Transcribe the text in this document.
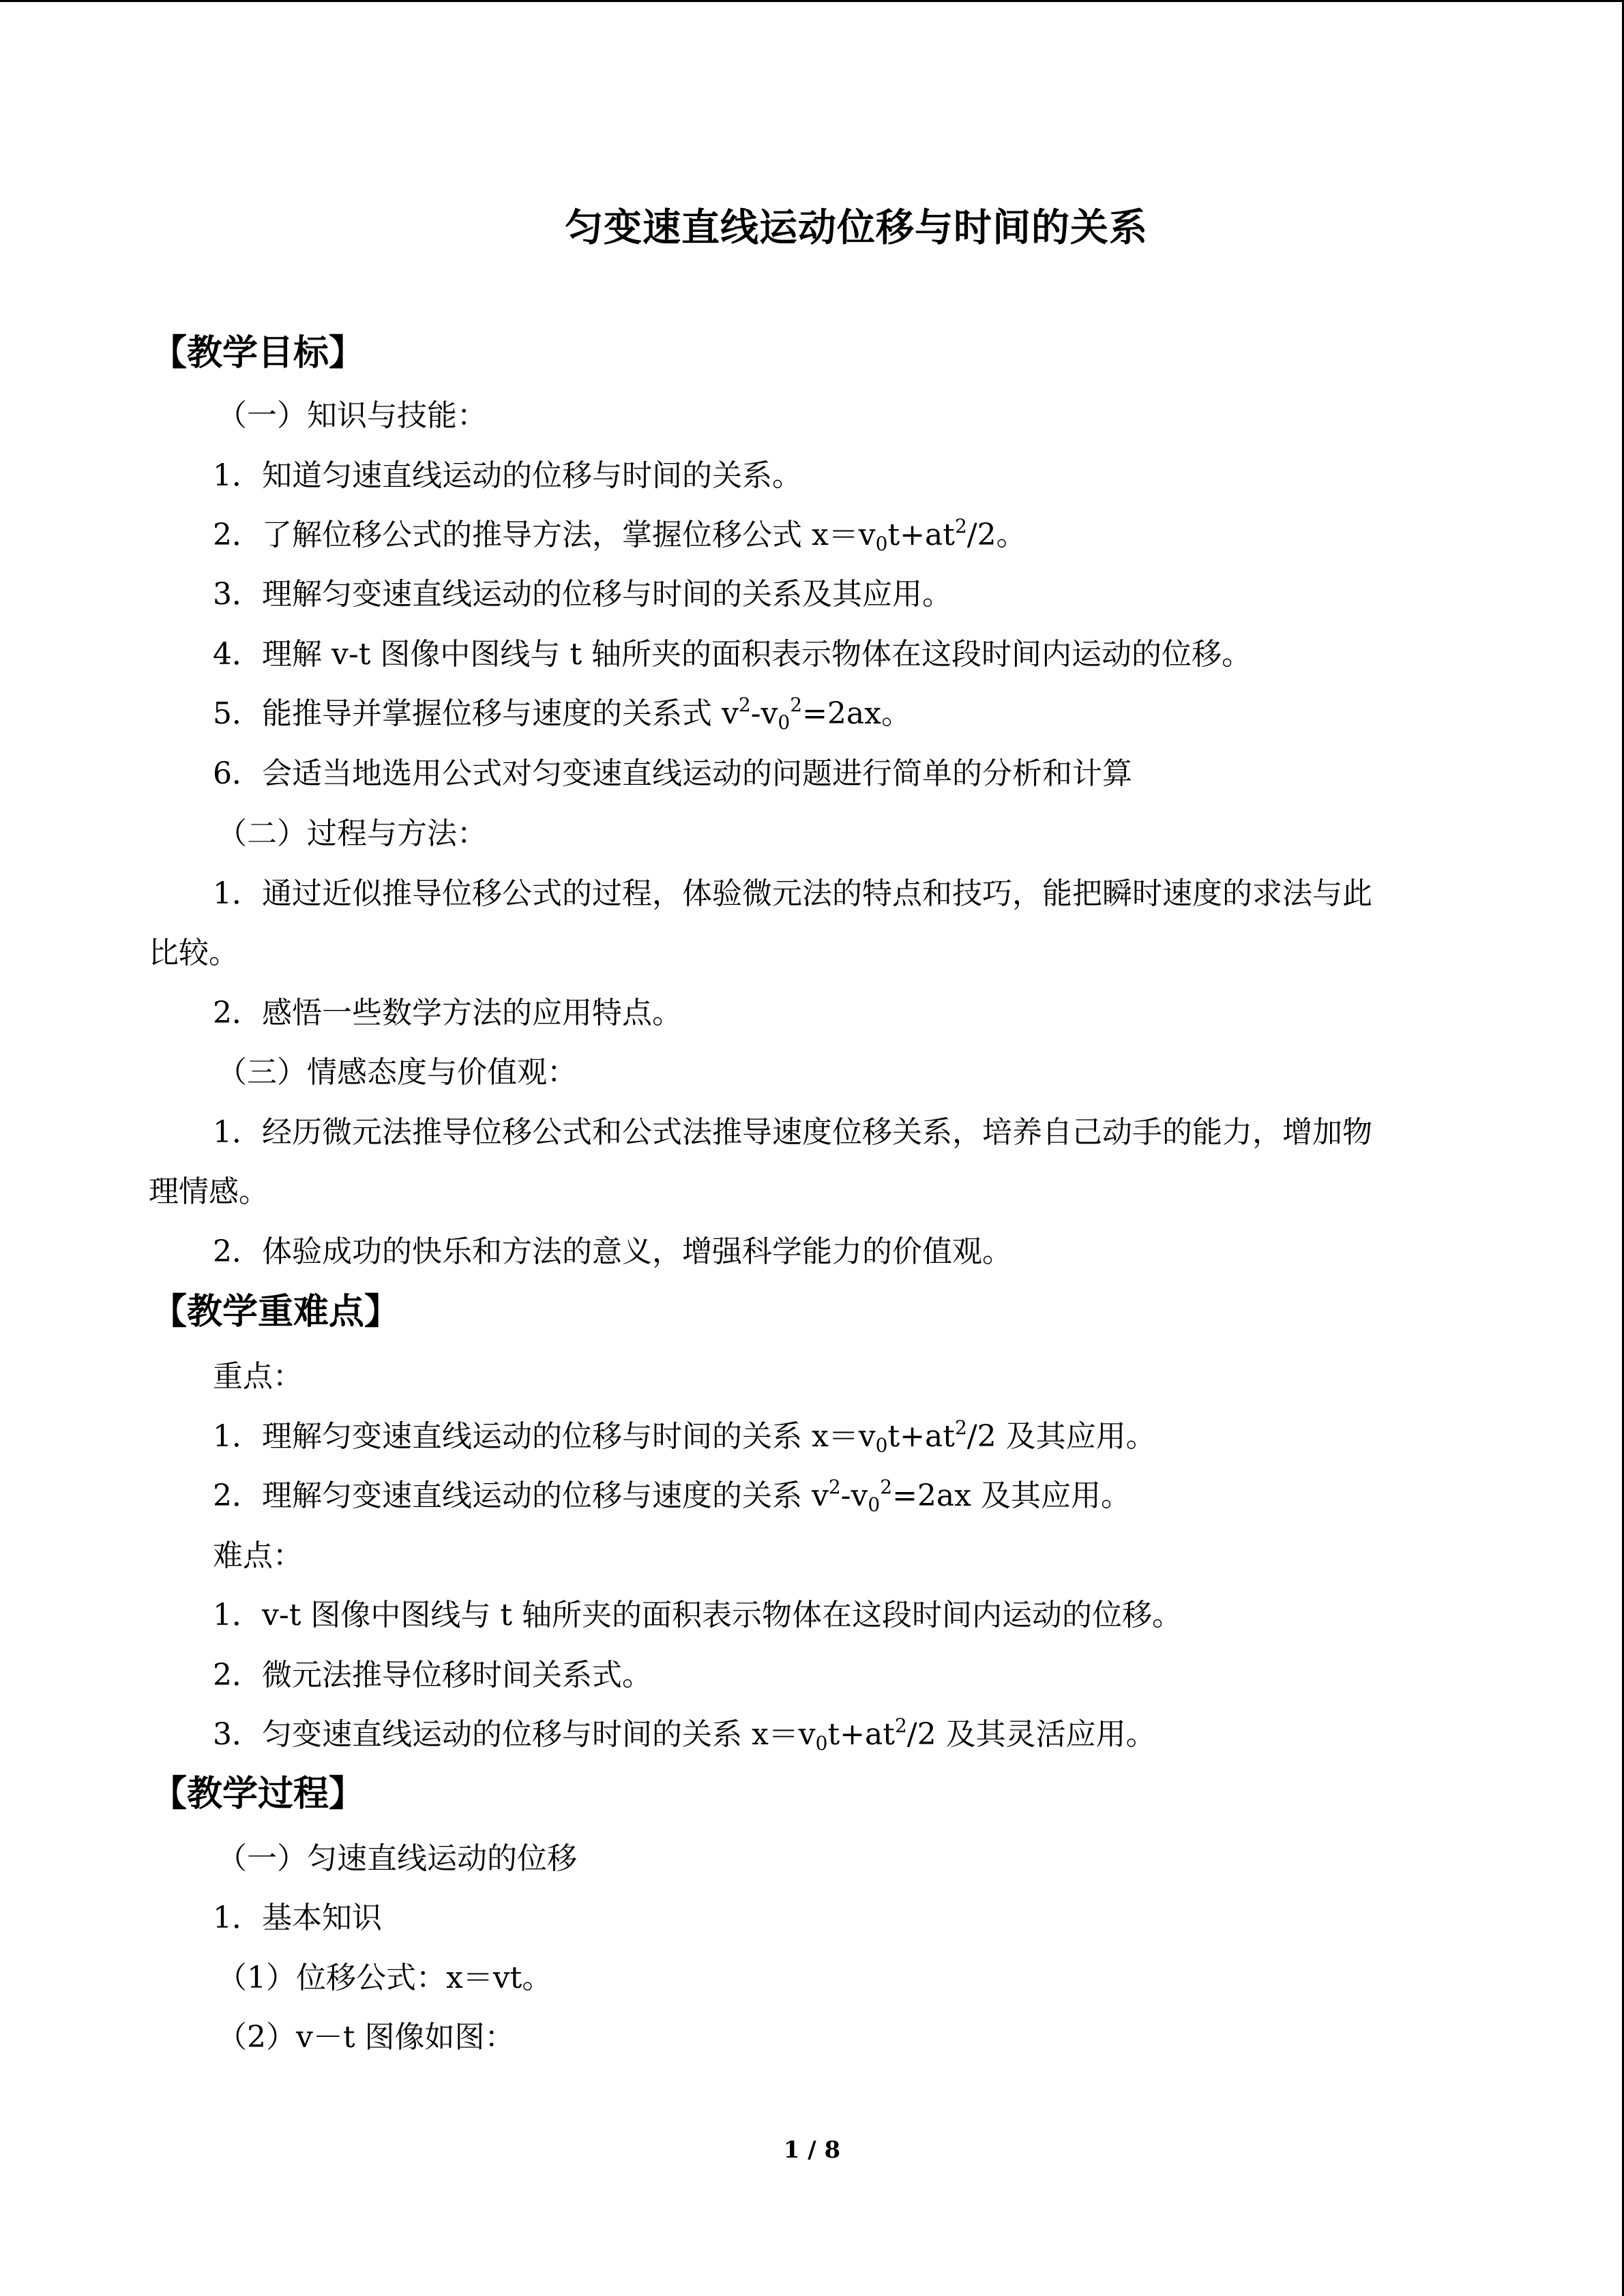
匀变速直线运动位移与时间的关系
【教学目标】
（一）知识与技能：
1．知道匀速直线运动的位移与时间的关系。
2．了解位移公式的推导方法，掌握位移公式 $x=v_0t+at^2/2$。
3．理解匀变速直线运动的位移与时间的关系及其应用。
4．理解 v-t 图像中图线与 t 轴所夹的面积表示物体在这段时间内运动的位移。
5．能推导并掌握位移与速度的关系式 $v^2-v_0^2=2ax$。
6．会适当地选用公式对匀变速直线运动的问题进行简单的分析和计算
（二）过程与方法：
1．通过近似推导位移公式的过程，体验微元法的特点和技巧，能把瞬时速度的求法与此
比较。
2．感悟一些数学方法的应用特点。
（三）情感态度与价值观：
1．经历微元法推导位移公式和公式法推导速度位移关系，培养自己动手的能力，增加物
理情感。
2．体验成功的快乐和方法的意义，增强科学能力的价值观。
【教学重难点】
重点：
1．理解匀变速直线运动的位移与时间的关系 $x=v_0t+at^2/2$ 及其应用。
2．理解匀变速直线运动的位移与速度的关系 $v^2-v_0^2=2ax$ 及其应用。
难点：
1．v-t 图像中图线与 t 轴所夹的面积表示物体在这段时间内运动的位移。
2．微元法推导位移时间关系式。
3．匀变速直线运动的位移与时间的关系 $x=v_0t+at^2/2$ 及其灵活应用。
【教学过程】
（一）匀速直线运动的位移
1．基本知识
（1）位移公式：x＝vt。
（2）v－t 图像如图：
1 / 8
